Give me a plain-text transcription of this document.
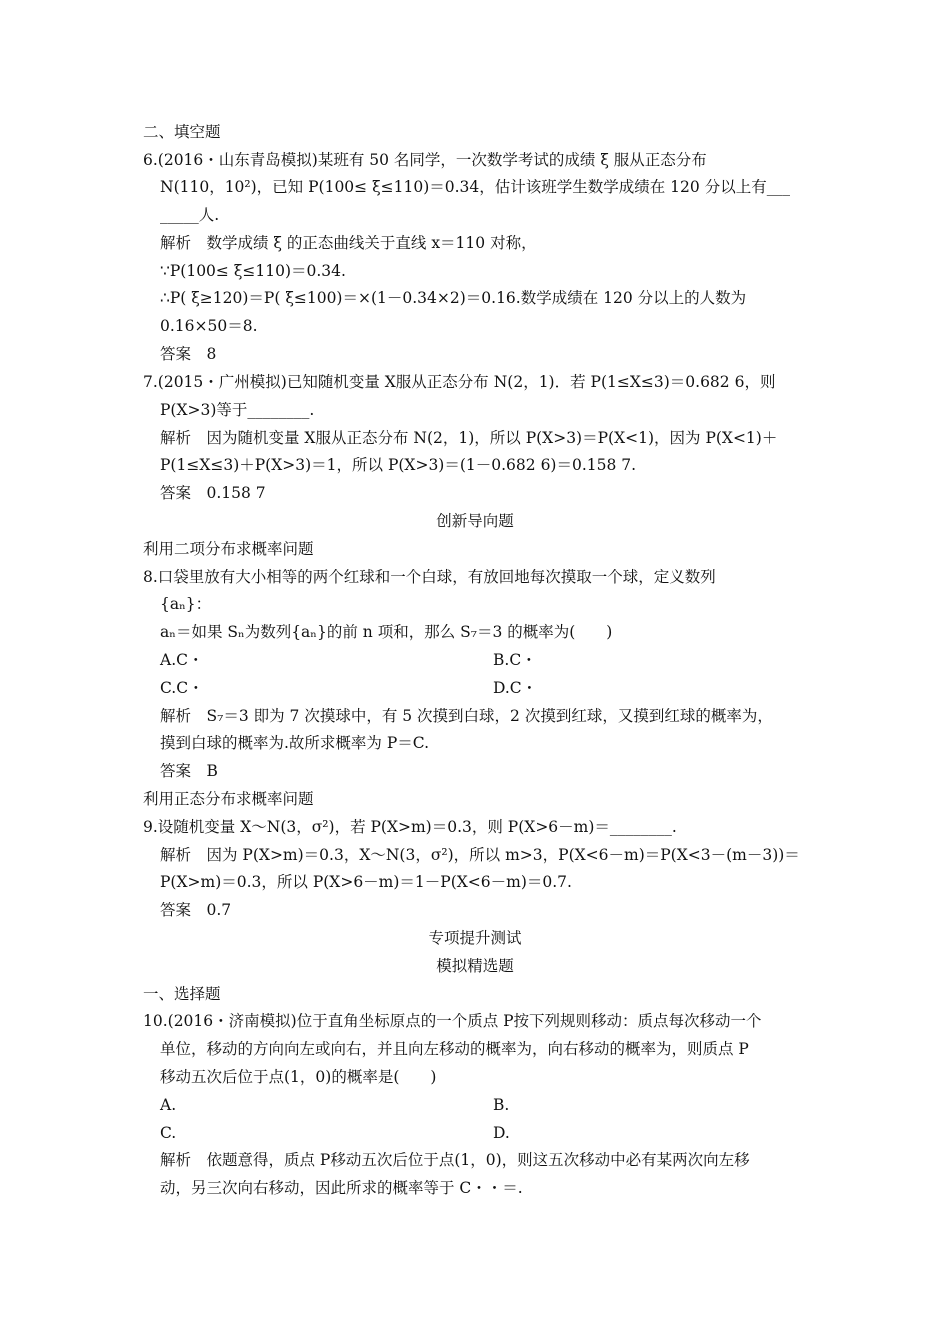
二、填空题
6.(2016・山东青岛模拟)某班有 50 名同学，一次数学考试的成绩 ξ 服从正态分布
N(110，10²)，已知 P(100≤ ξ≤110)＝0.34，估计该班学生数学成绩在 120 分以上有___
_____人.
解析　数学成绩 ξ 的正态曲线关于直线 x＝110 对称，
∵P(100≤ ξ≤110)＝0.34.
∴P( ξ≥120)＝P( ξ≤100)＝×(1－0.34×2)＝0.16.数学成绩在 120 分以上的人数为
0.16×50＝8.
答案　8
7.(2015・广州模拟)已知随机变量 X服从正态分布 N(2，1)．若 P(1≤X≤3)＝0.682 6，则
P(X>3)等于________.
解析　因为随机变量 X服从正态分布 N(2，1)，所以 P(X>3)＝P(X<1)，因为 P(X<1)＋
P(1≤X≤3)＋P(X>3)＝1，所以 P(X>3)＝(1－0.682 6)＝0.158 7.
答案　0.158 7
创新导向题
利用二项分布求概率问题
8.口袋里放有大小相等的两个红球和一个白球，有放回地每次摸取一个球，定义数列
{aₙ}：
aₙ＝如果 Sₙ为数列{aₙ}的前 n 项和，那么 S₇＝3 的概率为(　　)
A.C・	B.C・
C.C・	D.C・
解析　S₇＝3 即为 7 次摸球中，有 5 次摸到白球，2 次摸到红球，又摸到红球的概率为，
摸到白球的概率为.故所求概率为 P＝C.
答案　B
利用正态分布求概率问题
9.设随机变量 X～N(3，σ²)，若 P(X>m)＝0.3，则 P(X>6－m)＝________.
解析　因为 P(X>m)＝0.3，X～N(3，σ²)，所以 m>3，P(X<6－m)＝P(X<3－(m－3))＝
P(X>m)＝0.3，所以 P(X>6－m)＝1－P(X<6－m)＝0.7.
答案　0.7
专项提升测试
模拟精选题
一、选择题
10.(2016・济南模拟)位于直角坐标原点的一个质点 P按下列规则移动：质点每次移动一个
单位，移动的方向向左或向右，并且向左移动的概率为，向右移动的概率为，则质点 P
移动五次后位于点(1，0)的概率是(　　)
A.	B.
C.	D.
解析　依题意得，质点 P移动五次后位于点(1，0)，则这五次移动中必有某两次向左移
动，另三次向右移动，因此所求的概率等于 C・・＝.
